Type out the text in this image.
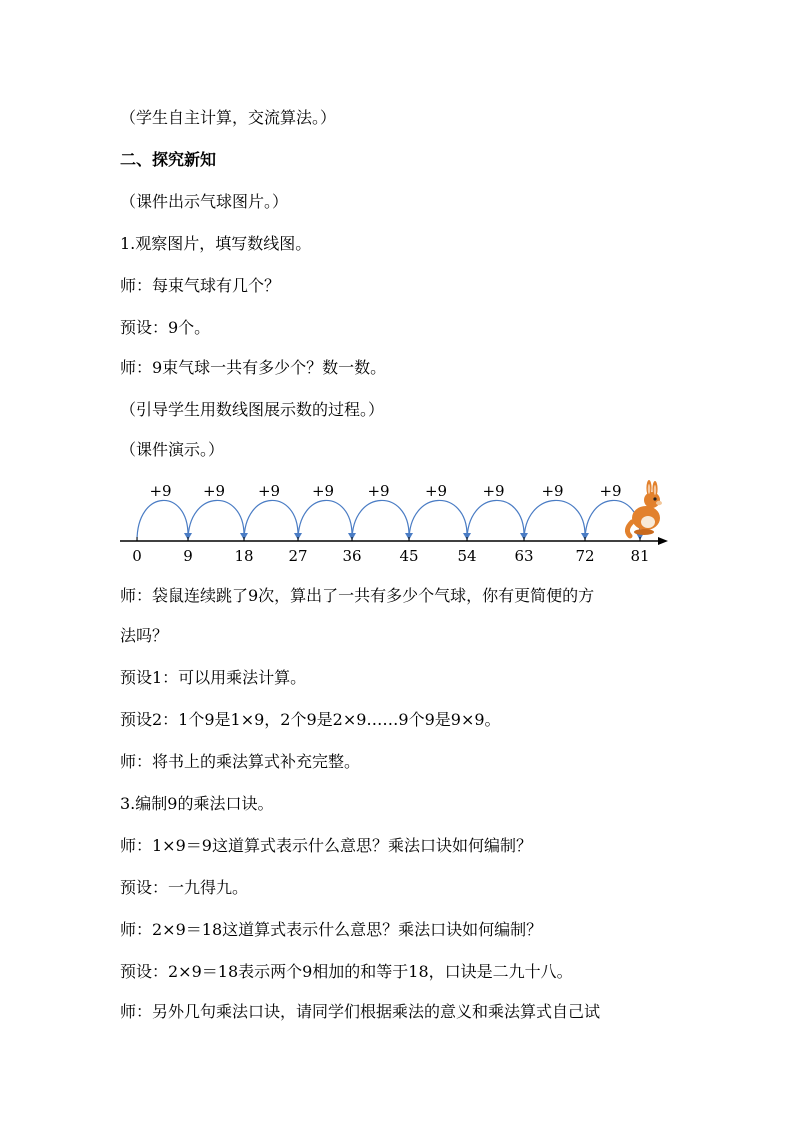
（学生自主计算，交流算法。）
二、探究新知
（课件出示气球图片。）
1.观察图片，填写数线图。
师：每束气球有几个？
预设：9个。
师：9束气球一共有多少个？数一数。
（引导学生用数线图展示数的过程。）
（课件演示。）
+9 +9 +9 +9 +9 +9 +9 +9 +9
0	9	18 27 36	45	54	63	72 81
师：袋鼠连续跳了9次，算出了一共有多少个气球，你有更简便的方
法吗？
预设1：可以用乘法计算。
预设2：1个9是1×9，2个9是2×9……9个9是9×9。
师：将书上的乘法算式补充完整。
3.编制9的乘法口诀。
师：1×9＝9这道算式表示什么意思？乘法口诀如何编制？
预设：一九得九。
师：2×9＝18这道算式表示什么意思？乘法口诀如何编制？
预设：2×9＝18表示两个9相加的和等于18，口诀是二九十八。
师：另外几句乘法口诀，请同学们根据乘法的意义和乘法算式自己试
